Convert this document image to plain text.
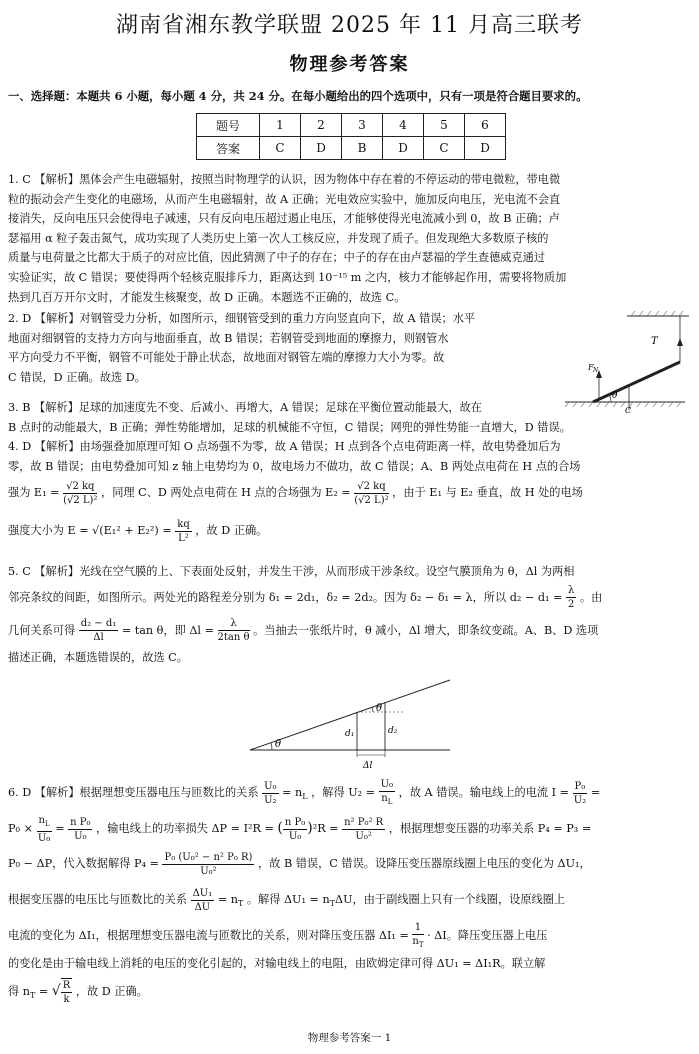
湖南省湘东教学联盟 2025 年 11 月高三联考
物理参考答案
一、选择题：本题共 6 小题，每小题 4 分，共 24 分。在每小题给出的四个选项中，只有一项是符合题目要求的。
题号	1	2	3	4	5	6
答案	C	D	B	D	C	D
1. C 【解析】黑体会产生电磁辐射，按照当时物理学的认识，因为物体中存在着的不停运动的带电微粒，带电微
粒的振动会产生变化的电磁场，从而产生电磁辐射，故 A 正确；光电效应实验中，施加反向电压，光电流不会直
接消失，反向电压只会使得电子减速，只有反向电压超过遏止电压，才能够使得光电流减小到 0，故 B 正确；卢
瑟福用 α 粒子轰击氮气，成功实现了人类历史上第一次人工核反应，并发现了质子。但发现绝大多数原子核的
质量与电荷量之比都大于质子的对应比值，因此猜测了中子的存在；中子的存在由卢瑟福的学生查德威克通过
实验证实，故 C 错误；要使得两个轻核克服排斥力，距离达到 10⁻¹⁵ m 之内，核力才能够起作用，需要将物质加
热到几百万开尔文时，才能发生核聚变，故 D 正确。本题选不正确的，故选 C。
2. D 【解析】对钢管受力分析，如图所示，细钢管受到的重力方向竖直向下，故 A 错误；水平
地面对细钢管的支持力方向与地面垂直，故 B 错误；若钢管受到地面的摩擦力，则钢管水
平方向受力不平衡，钢管不可能处于静止状态，故地面对钢管左端的摩擦力大小为零。故
C 错误，D 正确。故选 D。
T
F N
θ
C
3. B 【解析】足球的加速度先不变、后减小、再增大，A 错误；足球在平衡位置动能最大，故在
B 点时的动能最大，B 正确；弹性势能增加，足球的机械能不守恒，C 错误；网兜的弹性势能一直增大，D 错误。
4. D 【解析】由场强叠加原理可知 O 点场强不为零，故 A 错误；H 点到各个点电荷距离一样，故电势叠加后为
零，故 B 错误；由电势叠加可知 z 轴上电势均为 0，故电场力不做功，故 C 错误；A、B 两处点电荷在 H 点的合场
强为 $E_1 = \frac{√2 kq}{\text{(√2 L)²}}$ ，同理 C、D 两处点电荷在 H 点的合场强为 $E_2 = \frac{√2 kq}{\text{(√2 L)²}}$ ，由于 E₁ 与 E₂ 垂直，故 H 处的电场
强度大小为 $E = √(E_1^2 + E_2^2) = \frac{kq}{\text{L²}}$ ，故 D 正确。
5. C 【解析】光线在空气膜的上、下表面处反射，并发生干涉，从而形成干涉条纹。设空气膜顶角为 θ，Δl 为两相
邻亮条纹的间距，如图所示。两处光的路程差分别为 δ₁ = 2d₁，δ₂ = 2d₂。因为 δ₂ − δ₁ = λ，所以 $d_2 - d_1 = \frac{\lambda}{2}$ 。由
几何关系可得 $\frac{\text{d₂ − d₁}}{\Delta l} = \tan \theta$，即 $\Delta l = \frac{\lambda}{\text{2tan θ}}$ 。当抽去一张纸片时，θ 减小，Δl 增大，即条纹变疏。A、B、D 选项
描述正确，本题选错误的，故选 C。
θ
θ
d₁	d₂
Δl
6. D 【解析】根据理想变压器电压与匝数比的关系 $\frac{\text{U₀}}{\text{U₂}} = n_L$ ，解得 $U_2 = \frac{\text{U₀}}{n_L}$ ，故 A 错误。输电线上的电流 $I = \frac{\text{P₀}}{\text{U₂}}$ =
$P_0 \times \frac{n_L}{\text{U₀}} = \frac{\text{n P₀}}{\text{U₀}}$ ，输电线上的功率损失 ΔP = I²R = ( $\frac{\text{n P₀}}{\text{U₀}} )^2R = \frac{\text{n² P₀² R}}{\text{U₀²}}$ ，根据理想变压器的功率关系 P₄ = P₃ =
P₀ − ΔP，代入数据解得 $P_4 = \frac{\text{P₀ (U₀² − n² P₀ R)}}{\text{U₀²}}$ ，故 B 错误，C 错误。设降压变压器原线圈上电压的变化为 ΔU₁，
根据变压器的电压比与匝数比的关系 $\frac{\text{ΔU₁}}{\Delta U} = n_T$ 。解得 $\Delta U_1 = n_T\Delta U$，由于副线圈上只有一个线圈，设原线圈上
电流的变化为 ΔI₁，根据理想变压器电流与匝数比的关系，则对降压变压器 $\Delta I_1 = \frac{1}{n_T} \cdot \Delta I$。降压变压器上电压
的变化是由于输电线上消耗的电压的变化引起的，对输电线上的电阻，由欧姆定律可得 ΔU₁ = ΔI₁R。联立解
得 $n_T$ = √ $\frac{R}{k}$ ，故 D 正确。
物理参考答案一 1
